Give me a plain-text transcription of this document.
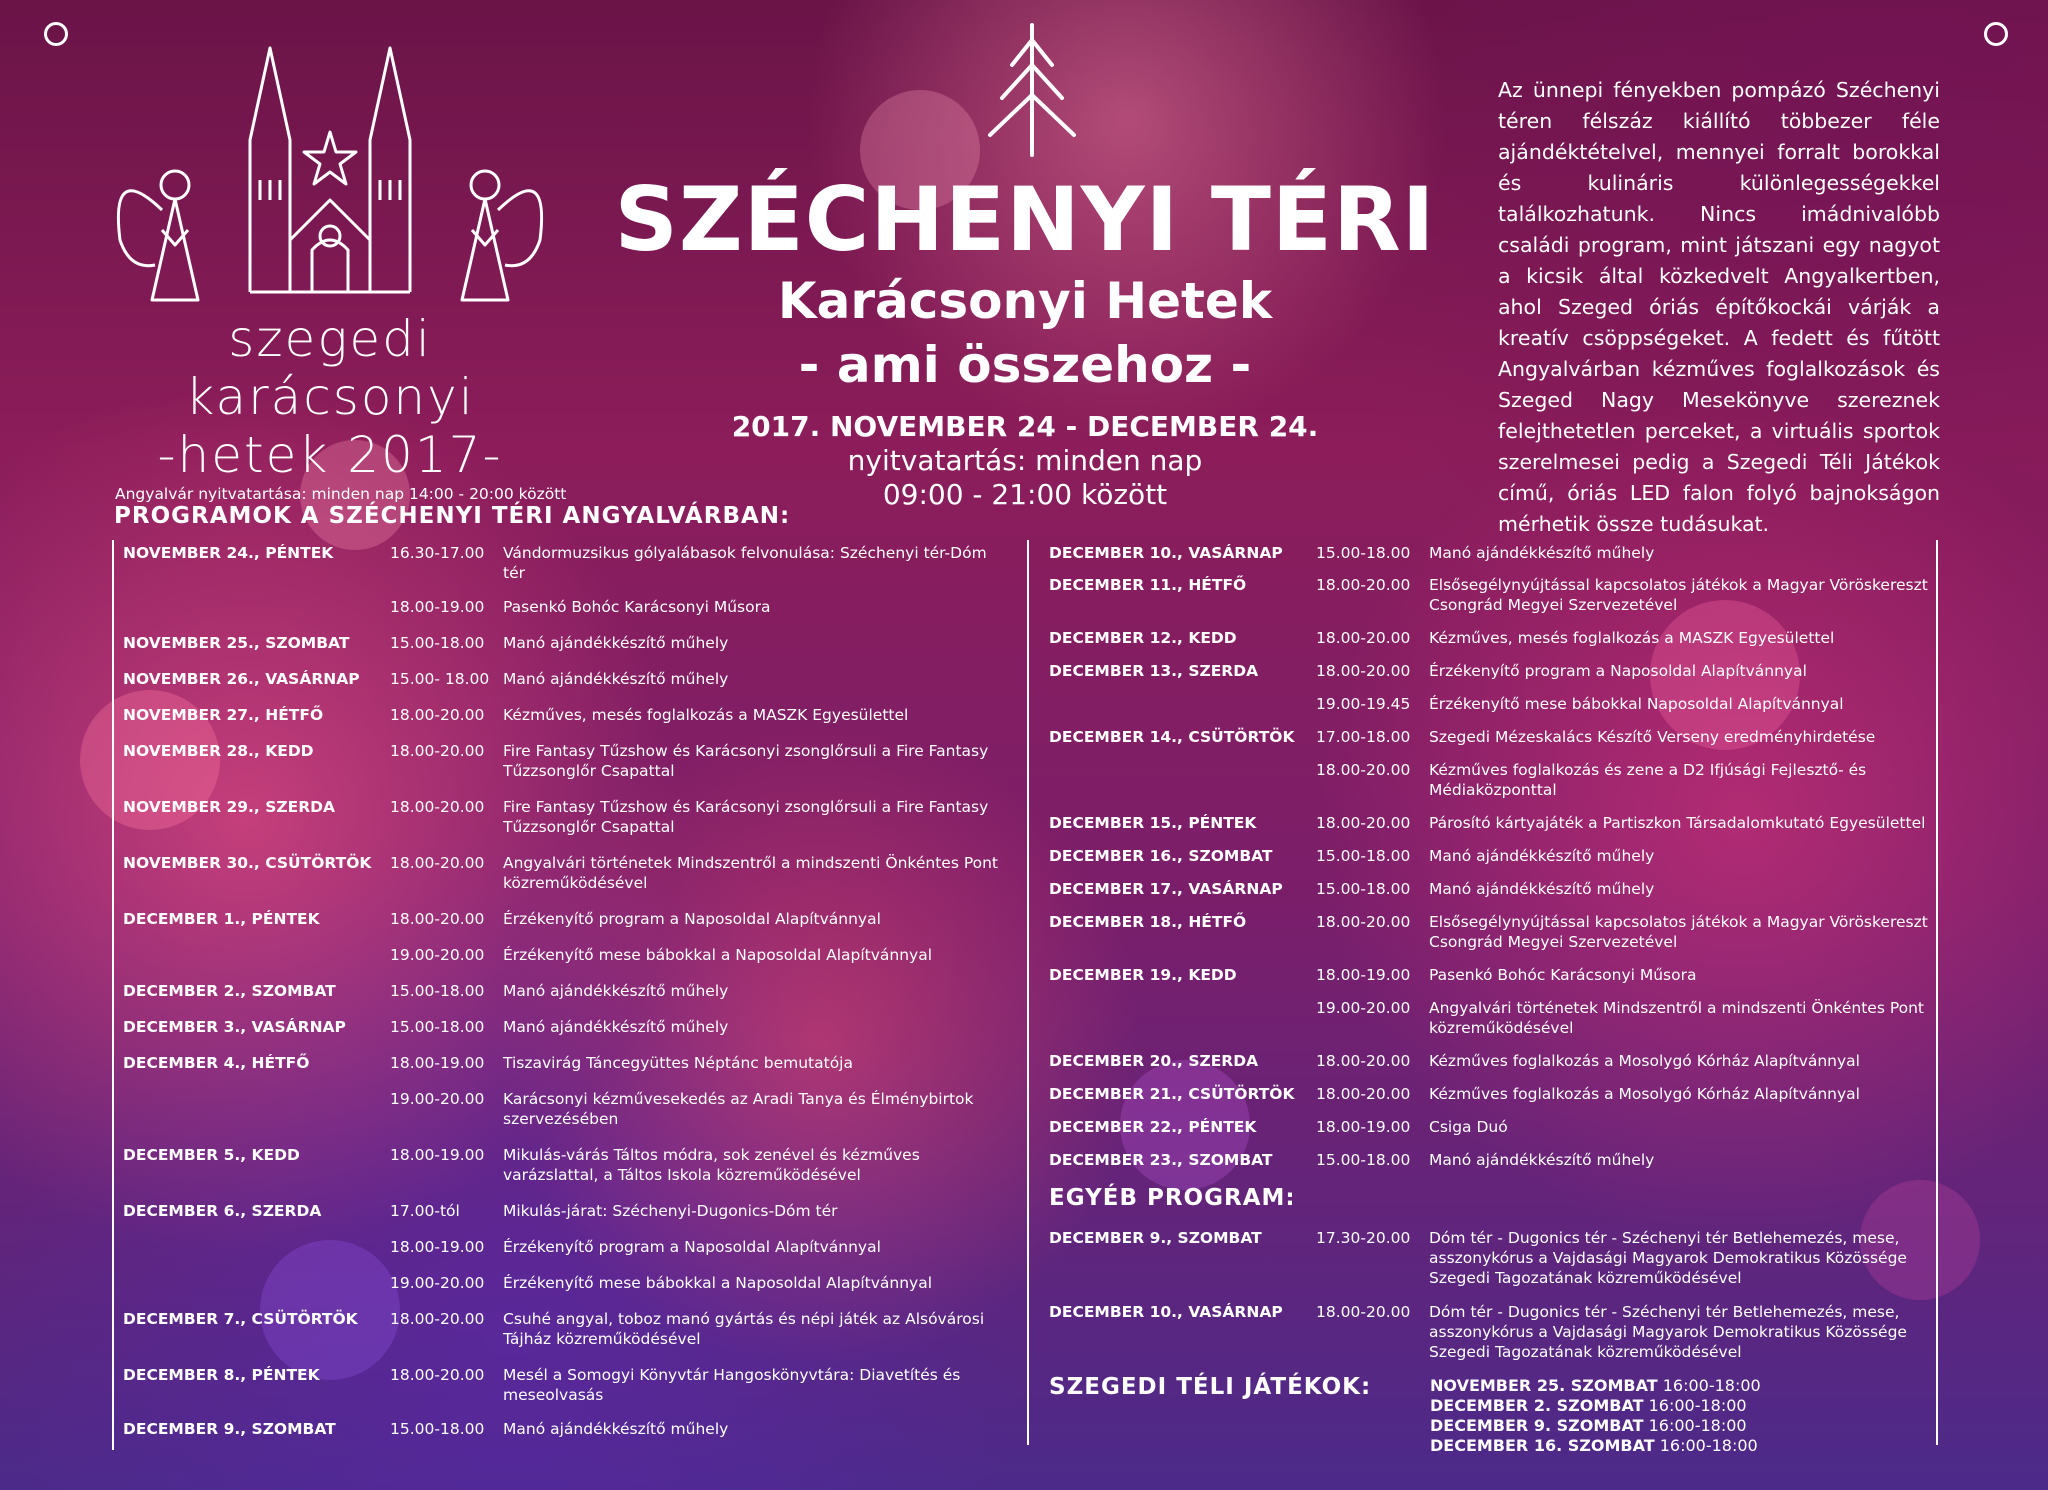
szegedi karácsonyi
-hetek 2017-
SZÉCHENYI TÉRI
Karácsonyi Hetek
- ami összehoz -
2017. NOVEMBER 24 - DECEMBER 24.
nyitvatartás: minden nap
09:00 - 21:00 között
Az ünnepi fényekben pompázó Széchenyi téren félszáz kiállító többezer féle ajándéktételvel, mennyei forralt borokkal és kulináris különlegességekkel találkozhatunk. Nincs imádnivalóbb családi program, mint játszani egy nagyot a kicsik által közkedvelt Angyalkertben, ahol Szeged óriás építőkockái várják a kreatív csöppségeket. A fedett és fűtött Angyalvárban kézműves foglalkozások és Szeged Nagy Mesekönyve szereznek felejthetetlen perceket, a virtuális sportok szerelmesei pedig a Szegedi Téli Játékok című, óriás LED falon folyó bajnokságon mérhetik össze tudásukat.
Angyalvár nyitvatartása: minden nap 14:00 - 20:00 között
PROGRAMOK A SZÉCHENYI TÉRI ANGYALVÁRBAN:
NOVEMBER 24., PÉNTEK	16.30-17.00 Vándormuzsikus gólyalábasok felvonulása: Széchenyi tér-Dóm tér
18.00-19.00 Pasenkó Bohóc Karácsonyi Műsora
NOVEMBER 25., SZOMBAT	15.00-18.00 Manó ajándékkészítő műhely
NOVEMBER 26., VASÁRNAP 15.00- 18.00 Manó ajándékkészítő műhely
NOVEMBER 27., HÉTFŐ	18.00-20.00 Kézműves, mesés foglalkozás a MASZK Egyesülettel
NOVEMBER 28., KEDD	18.00-20.00 Fire Fantasy Tűzshow és Karácsonyi zsonglőrsuli a Fire Fantasy Tűzzsonglőr Csapattal
NOVEMBER 29., SZERDA	18.00-20.00 Fire Fantasy Tűzshow és Karácsonyi zsonglőrsuli a Fire Fantasy Tűzzsonglőr Csapattal
NOVEMBER 30., CSÜTÖRTÖK 18.00-20.00 Angyalvári történetek Mindszentről a mindszenti Önkéntes Pont közreműködésével
DECEMBER 1., PÉNTEK	18.00-20.00 Érzékenyítő program a Naposoldal Alapítvánnyal
19.00-20.00 Érzékenyítő mese bábokkal a Naposoldal Alapítvánnyal
DECEMBER 2., SZOMBAT	15.00-18.00 Manó ajándékkészítő műhely
DECEMBER 3., VASÁRNAP	15.00-18.00 Manó ajándékkészítő műhely
DECEMBER 4., HÉTFŐ	18.00-19.00 Tiszavirág Táncegyüttes Néptánc bemutatója
19.00-20.00 Karácsonyi kézművesekedés az Aradi Tanya és Élménybirtok szervezésében
DECEMBER 5., KEDD	18.00-19.00 Mikulás-várás Táltos módra, sok zenével és kézműves varázslattal, a Táltos Iskola közreműködésével
DECEMBER 6., SZERDA	17.00-tól	Mikulás-járat: Széchenyi-Dugonics-Dóm tér
18.00-19.00 Érzékenyítő program a Naposoldal Alapítvánnyal
19.00-20.00 Érzékenyítő mese bábokkal a Naposoldal Alapítvánnyal
DECEMBER 7., CSÜTÖRTÖK 18.00-20.00 Csuhé angyal, toboz manó gyártás és népi játék az Alsóvárosi Tájház közreműködésével
DECEMBER 8., PÉNTEK	18.00-20.00 Mesél a Somogyi Könyvtár Hangoskönyvtára: Diavetítés és meseolvasás
DECEMBER 9., SZOMBAT	15.00-18.00 Manó ajándékkészítő műhely
DECEMBER 10., VASÁRNAP 15.00-18.00 Manó ajándékkészítő műhely
DECEMBER 11., HÉTFŐ	18.00-20.00 Elsősegélynyújtással kapcsolatos játékok a Magyar Vöröskereszt Csongrád Megyei Szervezetével
DECEMBER 12., KEDD	18.00-20.00 Kézműves, mesés foglalkozás a MASZK Egyesülettel
DECEMBER 13., SZERDA	18.00-20.00 Érzékenyítő program a Naposoldal Alapítvánnyal
19.00-19.45 Érzékenyítő mese bábokkal Naposoldal Alapítvánnyal
DECEMBER 14., CSÜTÖRTÖK 17.00-18.00 Szegedi Mézeskalács Készítő Verseny eredményhirdetése
18.00-20.00 Kézműves foglalkozás és zene a D2 Ifjúsági Fejlesztő- és Médiaközponttal
DECEMBER 15., PÉNTEK	18.00-20.00 Párosító kártyajáték a Partiszkon Társadalomkutató Egyesülettel
DECEMBER 16., SZOMBAT	15.00-18.00 Manó ajándékkészítő műhely
DECEMBER 17., VASÁRNAP 15.00-18.00 Manó ajándékkészítő műhely
DECEMBER 18., HÉTFŐ	18.00-20.00 Elsősegélynyújtással kapcsolatos játékok a Magyar Vöröskereszt Csongrád Megyei Szervezetével
DECEMBER 19., KEDD	18.00-19.00 Pasenkó Bohóc Karácsonyi Műsora
19.00-20.00 Angyalvári történetek Mindszentről a mindszenti Önkéntes Pont közreműködésével
DECEMBER 20., SZERDA	18.00-20.00 Kézműves foglalkozás a Mosolygó Kórház Alapítvánnyal
DECEMBER 21., CSÜTÖRTÖK 18.00-20.00 Kézműves foglalkozás a Mosolygó Kórház Alapítvánnyal
DECEMBER 22., PÉNTEK	18.00-19.00 Csiga Duó
DECEMBER 23., SZOMBAT	15.00-18.00 Manó ajándékkészítő műhely
EGYÉB PROGRAM:
DECEMBER 9., SZOMBAT	17.30-20.00 Dóm tér - Dugonics tér - Széchenyi tér Betlehemezés, mese, asszonykórus a Vajdasági Magyarok Demokratikus Közössége Szegedi Tagozatának közreműködésével
DECEMBER 10., VASÁRNAP 18.00-20.00 Dóm tér - Dugonics tér - Széchenyi tér Betlehemezés, mese, asszonykórus a Vajdasági Magyarok Demokratikus Közössége Szegedi Tagozatának közreműködésével
SZEGEDI TÉLI JÁTÉKOK:	NOVEMBER 25. SZOMBAT 16:00-18:00
DECEMBER 2. SZOMBAT 16:00-18:00
DECEMBER 9. SZOMBAT 16:00-18:00
DECEMBER 16. SZOMBAT 16:00-18:00
